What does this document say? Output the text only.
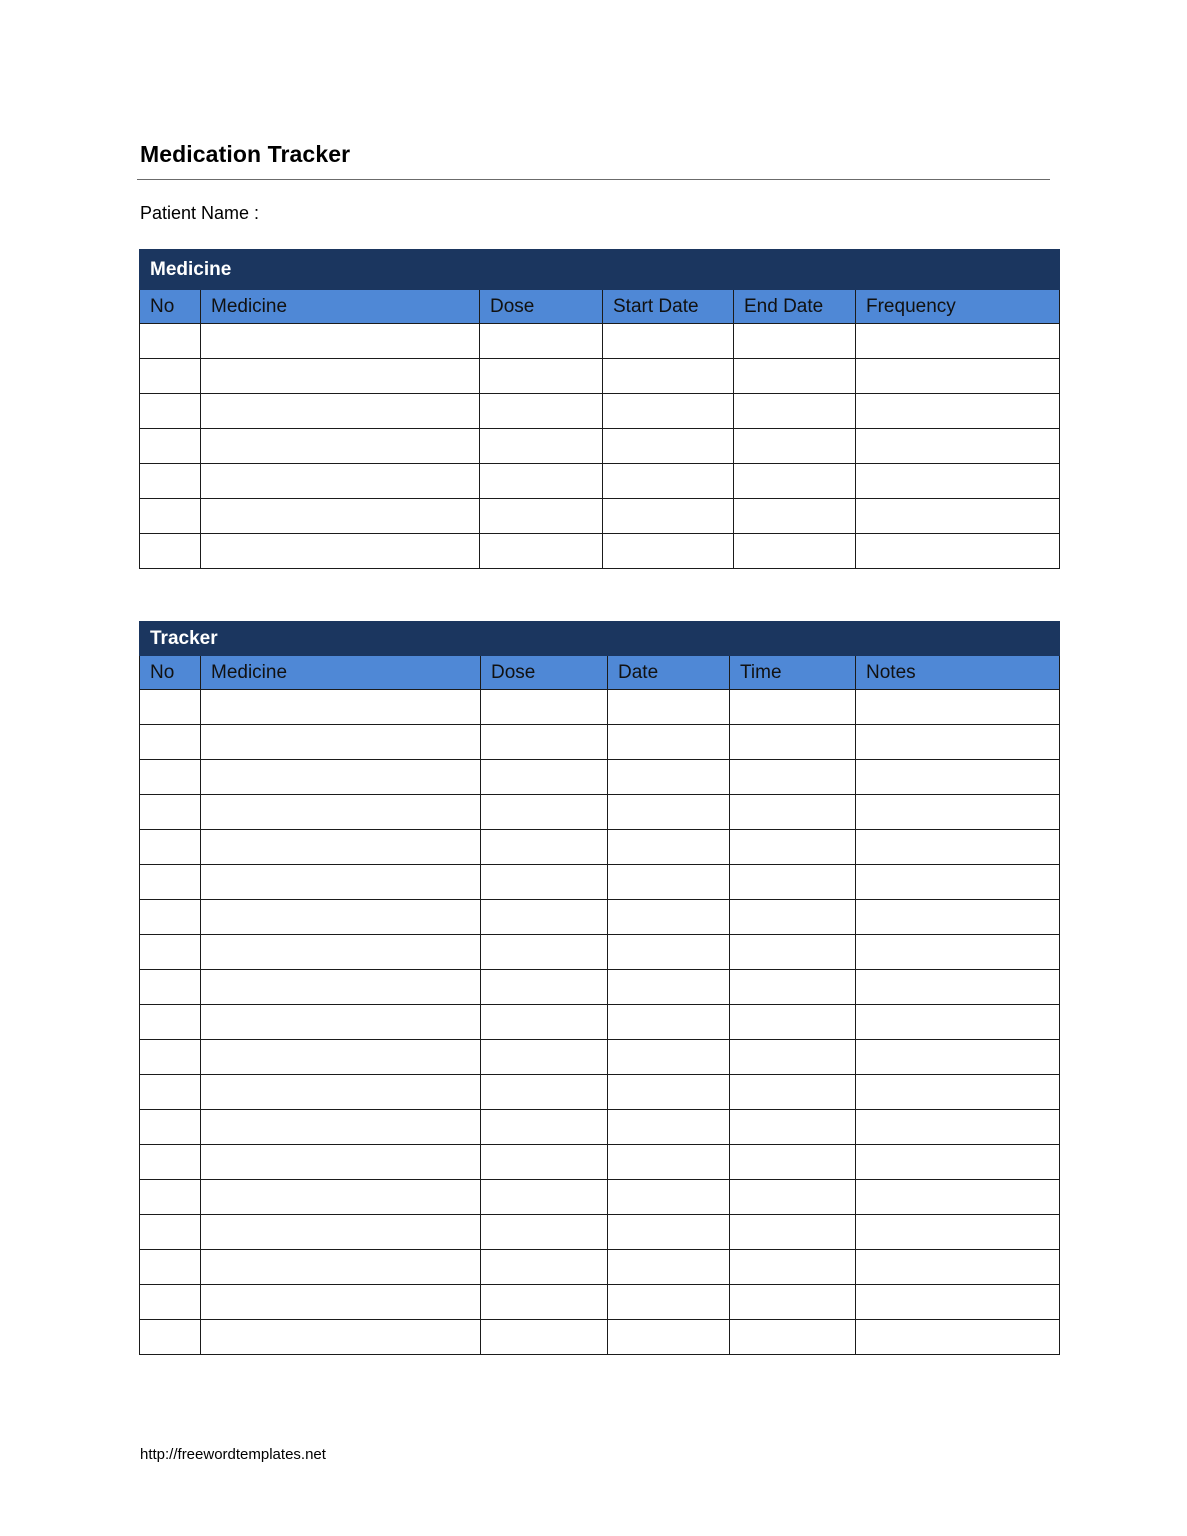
Medication Tracker
Patient Name :
Medicine					
No	Medicine	Dose	Start Date	End Date	Frequency

Tracker					
No	Medicine	Dose	Date	Time	Notes

http://freewordtemplates.net
